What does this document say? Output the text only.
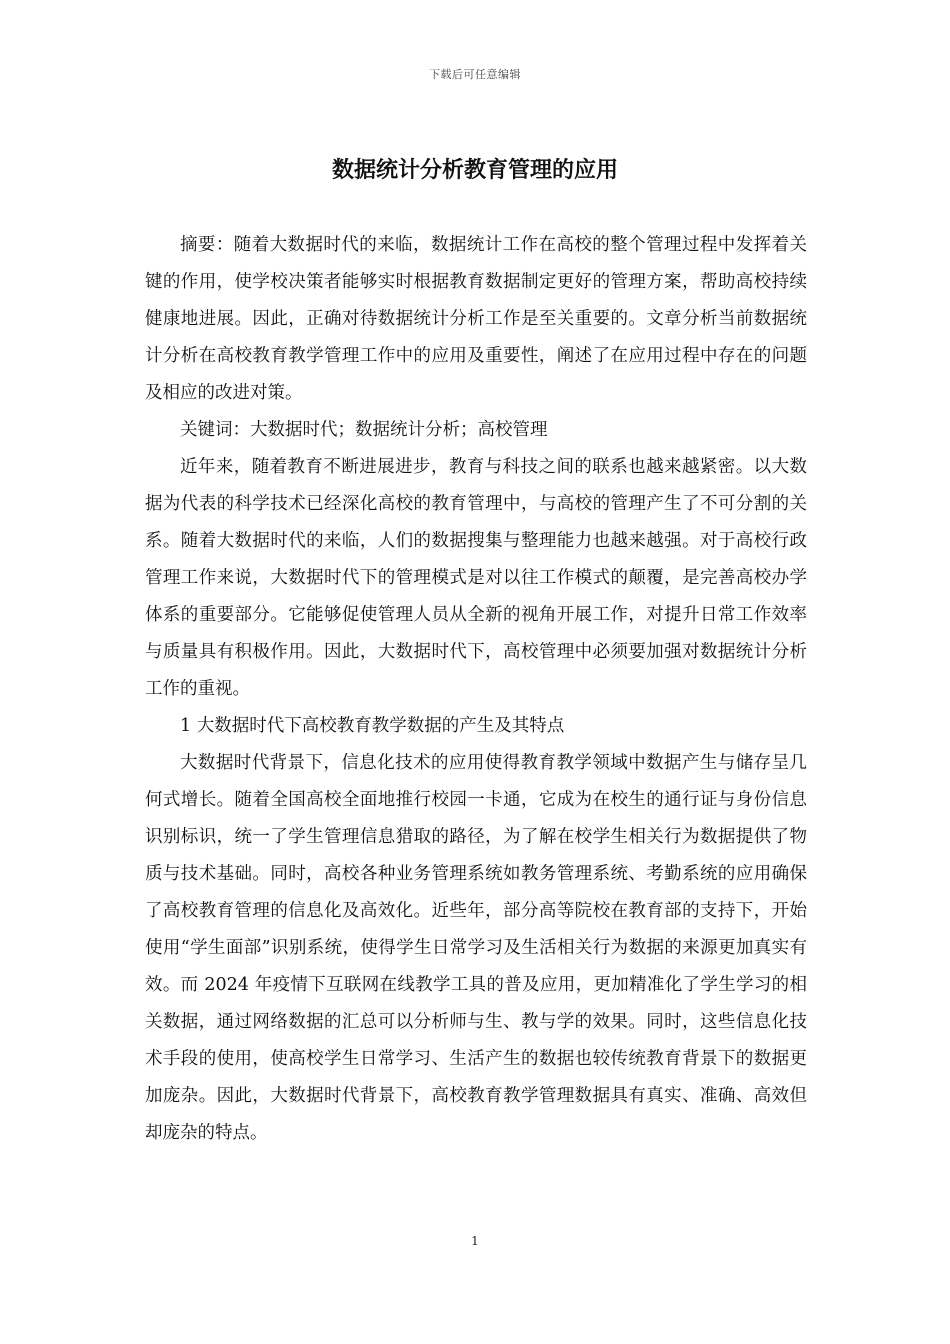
下载后可任意编辑
数据统计分析教育管理的应用

摘要：随着大数据时代的来临，数据统计工作在高校的整个管理过程中发挥着关键的作用，使学校决策者能够实时根据教育数据制定更好的管理方案，帮助高校持续健康地进展。因此，正确对待数据统计分析工作是至关重要的。文章分析当前数据统计分析在高校教育教学管理工作中的应用及重要性，阐述了在应用过程中存在的问题及相应的改进对策。

关键词：大数据时代；数据统计分析；高校管理

近年来，随着教育不断进展进步，教育与科技之间的联系也越来越紧密。以大数据为代表的科学技术已经深化高校的教育管理中，与高校的管理产生了不可分割的关系。随着大数据时代的来临，人们的数据搜集与整理能力也越来越强。对于高校行政管理工作来说，大数据时代下的管理模式是对以往工作模式的颠覆，是完善高校办学体系的重要部分。它能够促使管理人员从全新的视角开展工作，对提升日常工作效率与质量具有积极作用。因此，大数据时代下，高校管理中必须要加强对数据统计分析工作的重视。

1 大数据时代下高校教育教学数据的产生及其特点

大数据时代背景下，信息化技术的应用使得教育教学领域中数据产生与储存呈几何式增长。随着全国高校全面地推行校园一卡通，它成为在校生的通行证与身份信息识别标识，统一了学生管理信息猎取的路径，为了解在校学生相关行为数据提供了物质与技术基础。同时，高校各种业务管理系统如教务管理系统、考勤系统的应用确保了高校教育管理的信息化及高效化。近些年，部分高等院校在教育部的支持下，开始使用“学生面部”识别系统，使得学生日常学习及生活相关行为数据的来源更加真实有效。而 2024 年疫情下互联网在线教学工具的普及应用，更加精准化了学生学习的相关数据，通过网络数据的汇总可以分析师与生、教与学的效果。同时，这些信息化技术手段的使用，使高校学生日常学习、生活产生的数据也较传统教育背景下的数据更加庞杂。因此，大数据时代背景下，高校教育教学管理数据具有真实、准确、高效但却庞杂的特点。

1
